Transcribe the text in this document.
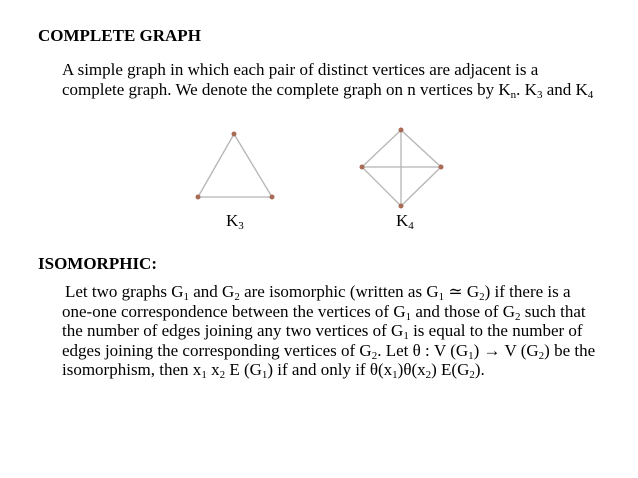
COMPLETE GRAPH
A simple graph in which each pair of distinct vertices are adjacent is a complete graph. We denote the complete graph on n vertices by $K_n$. $K_3$ and $K_4$
$K_3$	$K_4$
ISOMORPHIC:
Let two graphs $G_1$ and $G_2$ are isomorphic (written as $G_1$ ≃ $G_2$) if there is a one-one correspondence between the vertices of $G_1$ and those of $G_2$ such that the number of edges joining any two vertices of $G_1$ is equal to the number of edges joining the corresponding vertices of $G_2$. Let θ : V $(G_1) \to V$ $(G_2)$ be the isomorphism, then $x_1$ $x_2$ E $(G_1)$ if and only if $\theta(x_1)\theta(x_2)$ $E(G_2)$.
